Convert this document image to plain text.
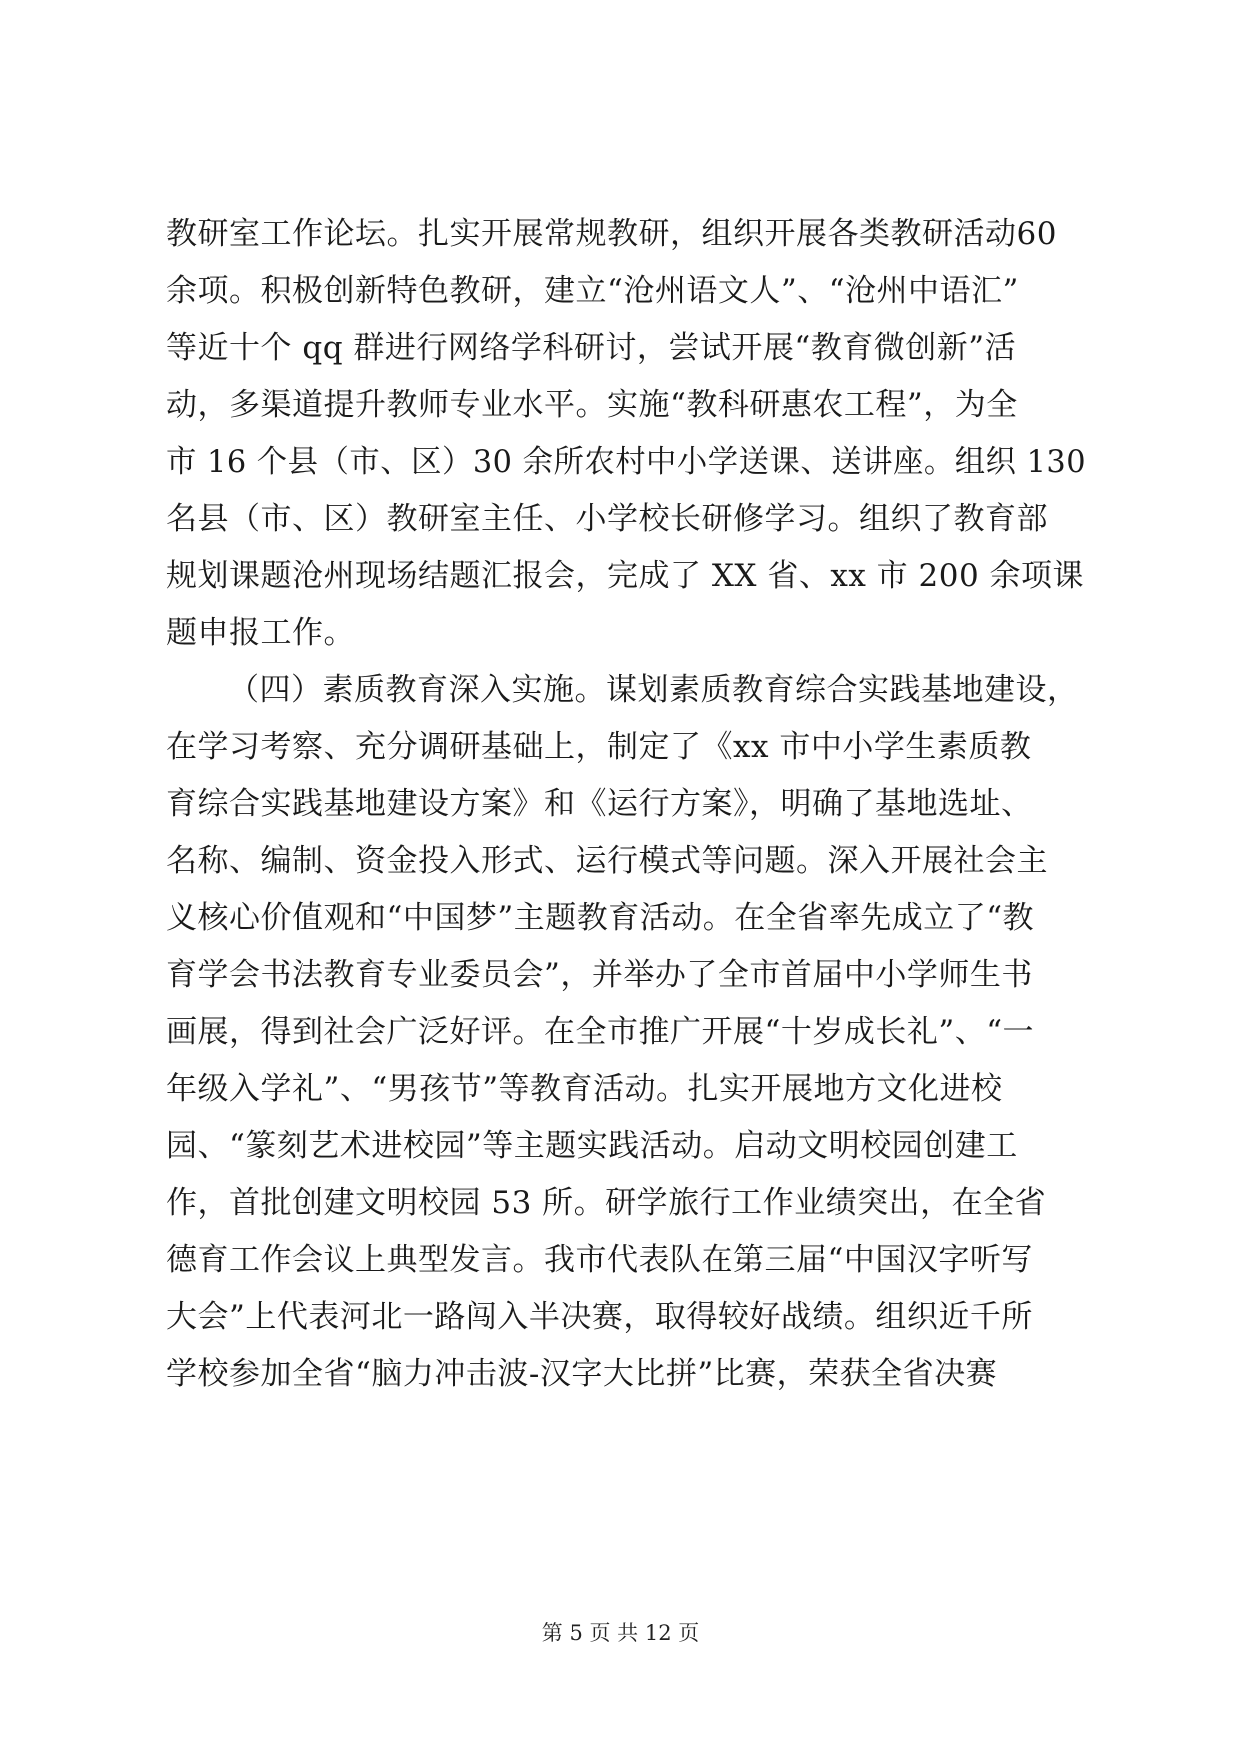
教研室工作论坛。扎实开展常规教研，组织开展各类教研活动60
余项。积极创新特色教研，建立“沧州语文人”、“沧州中语汇”
等近十个 qq 群进行网络学科研讨，尝试开展“教育微创新”活
动，多渠道提升教师专业水平。实施“教科研惠农工程”，为全
市 16 个县（市、区）30 余所农村中小学送课、送讲座。组织 130
名县（市、区）教研室主任、小学校长研修学习。组织了教育部
规划课题沧州现场结题汇报会，完成了 XX 省、xx 市 200 余项课
题申报工作。
（四）素质教育深入实施。谋划素质教育综合实践基地建设，
在学习考察、充分调研基础上，制定了《xx 市中小学生素质教
育综合实践基地建设方案》和《运行方案》，明确了基地选址、
名称、编制、资金投入形式、运行模式等问题。深入开展社会主
义核心价值观和“中国梦”主题教育活动。在全省率先成立了“教
育学会书法教育专业委员会”，并举办了全市首届中小学师生书
画展，得到社会广泛好评。在全市推广开展“十岁成长礼”、“一
年级入学礼”、“男孩节”等教育活动。扎实开展地方文化进校
园、“篆刻艺术进校园”等主题实践活动。启动文明校园创建工
作，首批创建文明校园 53 所。研学旅行工作业绩突出，在全省
德育工作会议上典型发言。我市代表队在第三届“中国汉字听写
大会”上代表河北一路闯入半决赛，取得较好战绩。组织近千所
学校参加全省“脑力冲击波-汉字大比拼”比赛，荣获全省决赛
第 5 页 共 12 页
